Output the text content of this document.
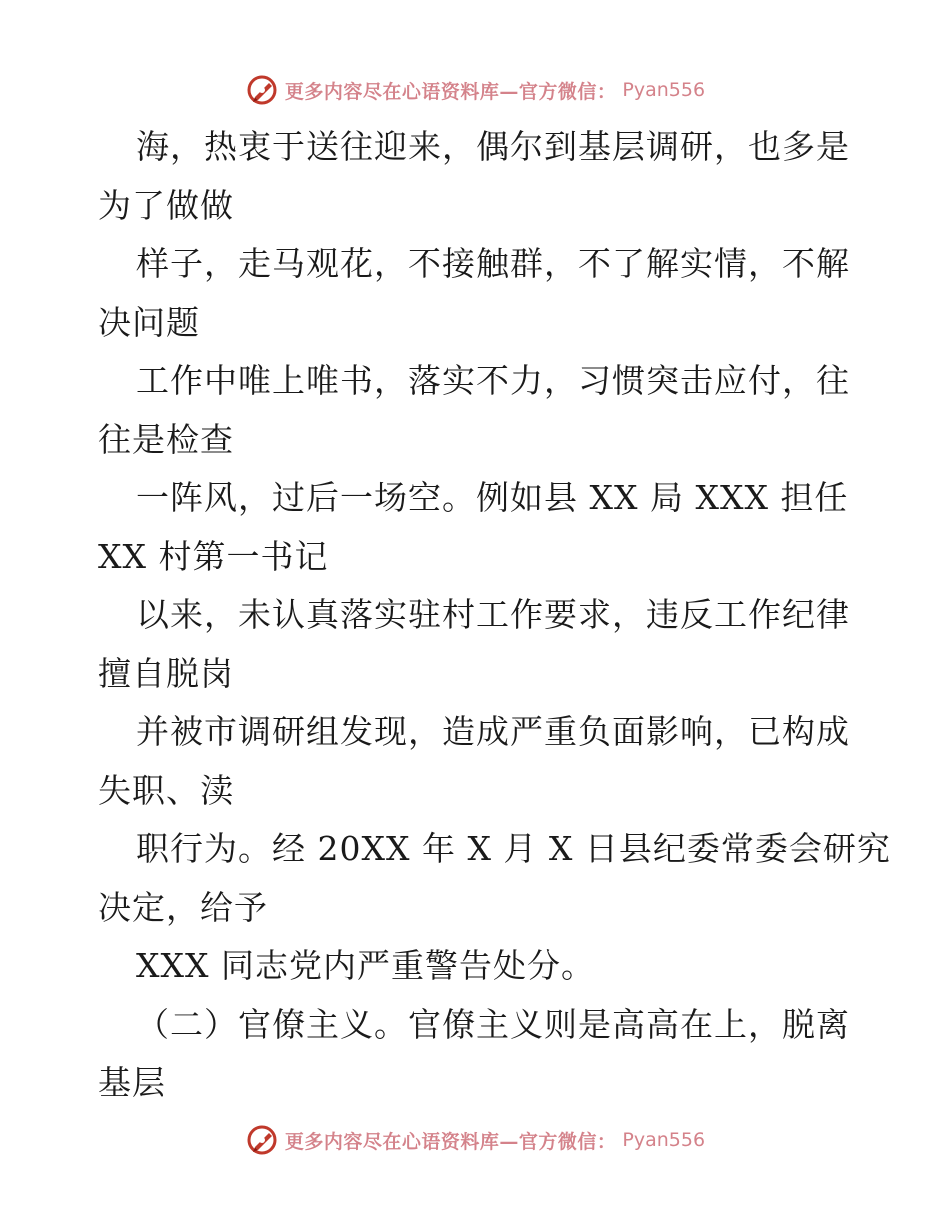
更多内容尽在心语资料库—官方微信： Pyan556
海，热衷于送往迎来，偶尔到基层调研，也多是
为了做做
样子，走马观花，不接触群，不了解实情，不解
决问题
工作中唯上唯书，落实不力，习惯突击应付，往
往是检查
一阵风，过后一场空。例如县 XX 局 XXX 担任
XX 村第一书记
以来，未认真落实驻村工作要求，违反工作纪律
擅自脱岗
并被市调研组发现，造成严重负面影响，已构成
失职、渎
职行为。经 20XX 年 X 月 X 日县纪委常委会研究
决定，给予
XXX 同志党内严重警告处分。
（二）官僚主义。官僚主义则是高高在上，脱离
基层
更多内容尽在心语资料库—官方微信： Pyan556
